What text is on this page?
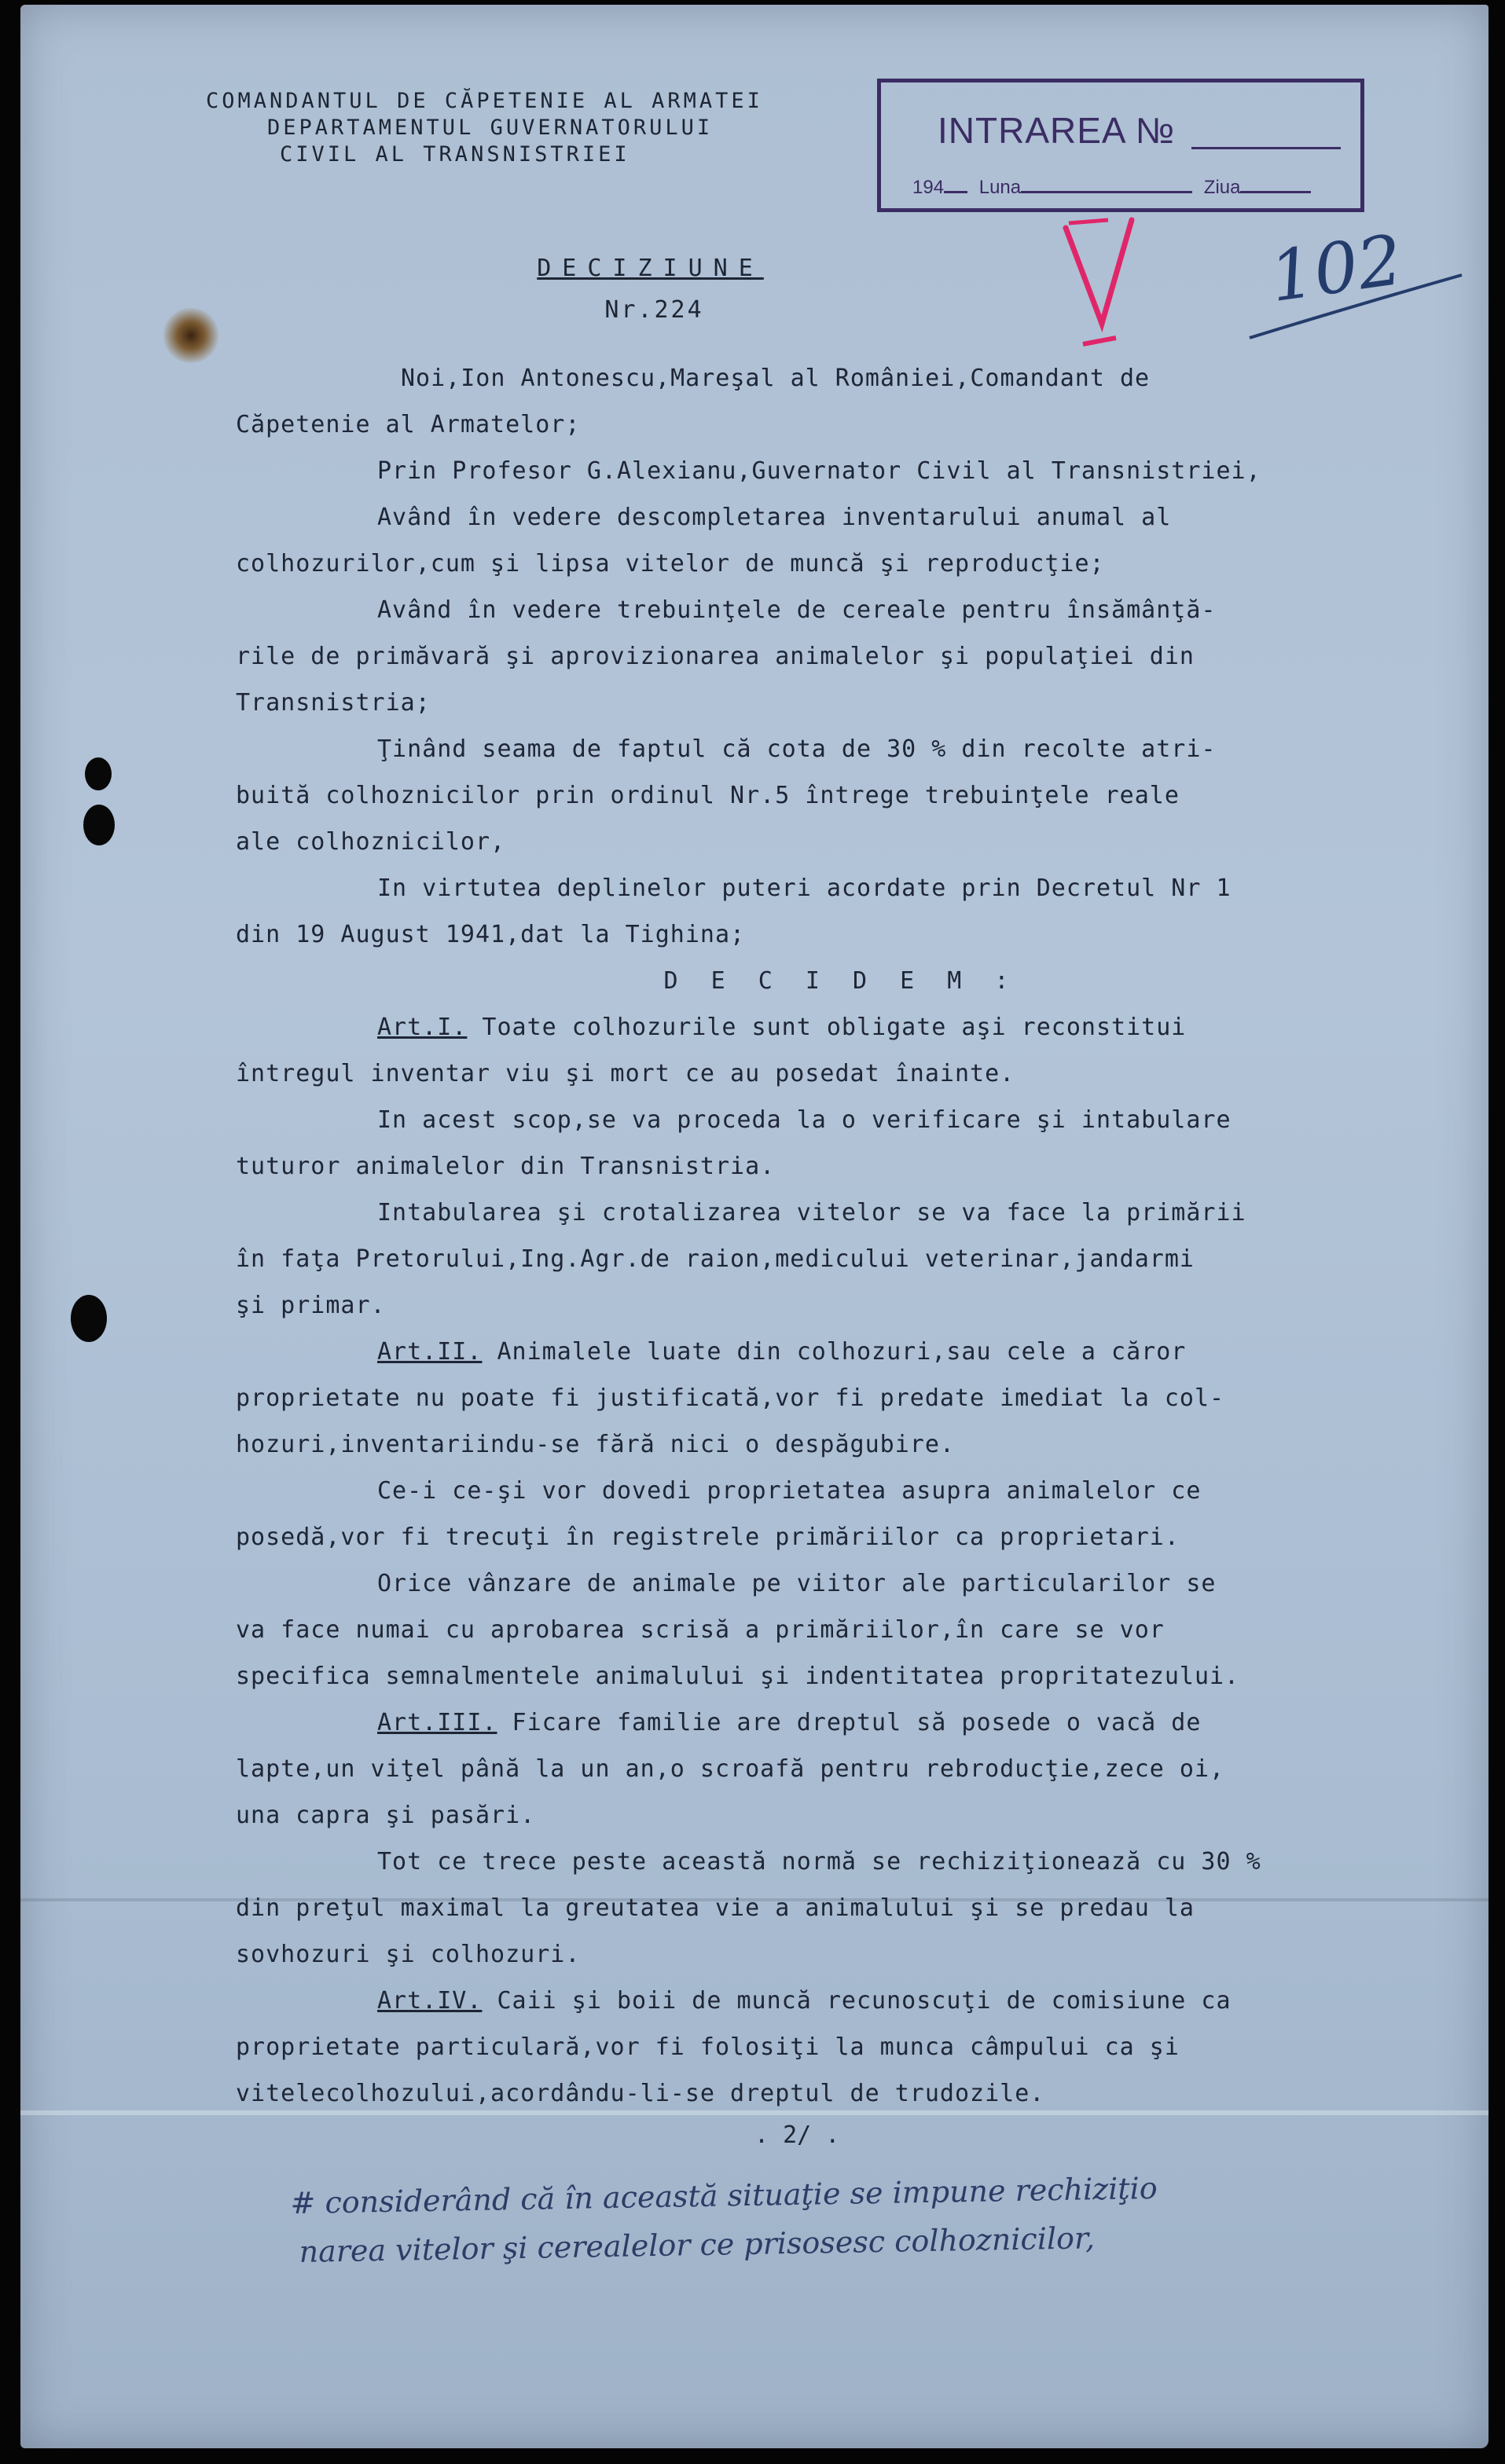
COMANDANTUL DE CĂPETENIE AL ARMATEI
DEPARTAMENTUL GUVERNATORULUI
CIVIL AL TRANSNISTRIEI
INTRAREA №
194 Luna	Ziua
102
DECIZIUNE
Nr.224
Noi,Ion Antonescu,Mareşal al României,Comandant de
Căpetenie al Armatelor;
Prin Profesor G.Alexianu,Guvernator Civil al Transnistriei,
Având în vedere descompletarea inventarului anumal al
colhozurilor,cum şi lipsa vitelor de muncă şi reproducţie;
Având în vedere trebuinţele de cereale pentru însămânţă-
rile de primăvară şi aprovizionarea animalelor şi populaţiei din
Transnistria;
Ţinând seama de faptul că cota de 30 % din recolte atri-
buită colhoznicilor prin ordinul Nr.5 întrege trebuinţele reale
ale colhoznicilor,
In virtutea deplinelor puteri acordate prin Decretul Nr 1
din 19 August 1941,dat la Tighina;
D E C I D E M :
Art.I. Toate colhozurile sunt obligate aşi reconstitui
întregul inventar viu şi mort ce au posedat înainte.
In acest scop,se va proceda la o verificare şi intabulare
tuturor animalelor din Transnistria.
Intabularea şi crotalizarea vitelor se va face la primării
în faţa Pretorului,Ing.Agr.de raion,medicului veterinar,jandarmi
şi primar.
Art.II. Animalele luate din colhozuri,sau cele a căror
proprietate nu poate fi justificată,vor fi predate imediat la col-
hozuri,inventariindu-se fără nici o despăgubire.
Ce-i ce-şi vor dovedi proprietatea asupra animalelor ce
posedă,vor fi trecuţi în registrele primăriilor ca proprietari.
Orice vânzare de animale pe viitor ale particularilor se
va face numai cu aprobarea scrisă a primăriilor,în care se vor
specifica semnalmentele animalului şi indentitatea propritatezului.
Art.III. Ficare familie are dreptul să posede o vacă de
lapte,un viţel până la un an,o scroafă pentru rebroducţie,zece oi,
una capra şi pasări.
Tot ce trece peste această normă se rechiziţionează cu 30 %
din preţul maximal la greutatea vie a animalului şi se predau la
sovhozuri şi colhozuri.
Art.IV. Caii şi boii de muncă recunoscuţi de comisiune ca
proprietate particulară,vor fi folosiţi la munca câmpului ca şi
vitelecolhozului,acordându-li-se dreptul de trudozile.
. 2/ .
# considerând că în această situaţie se impune rechiziţio
narea vitelor şi cerealelor ce prisosesc colhoznicilor,
